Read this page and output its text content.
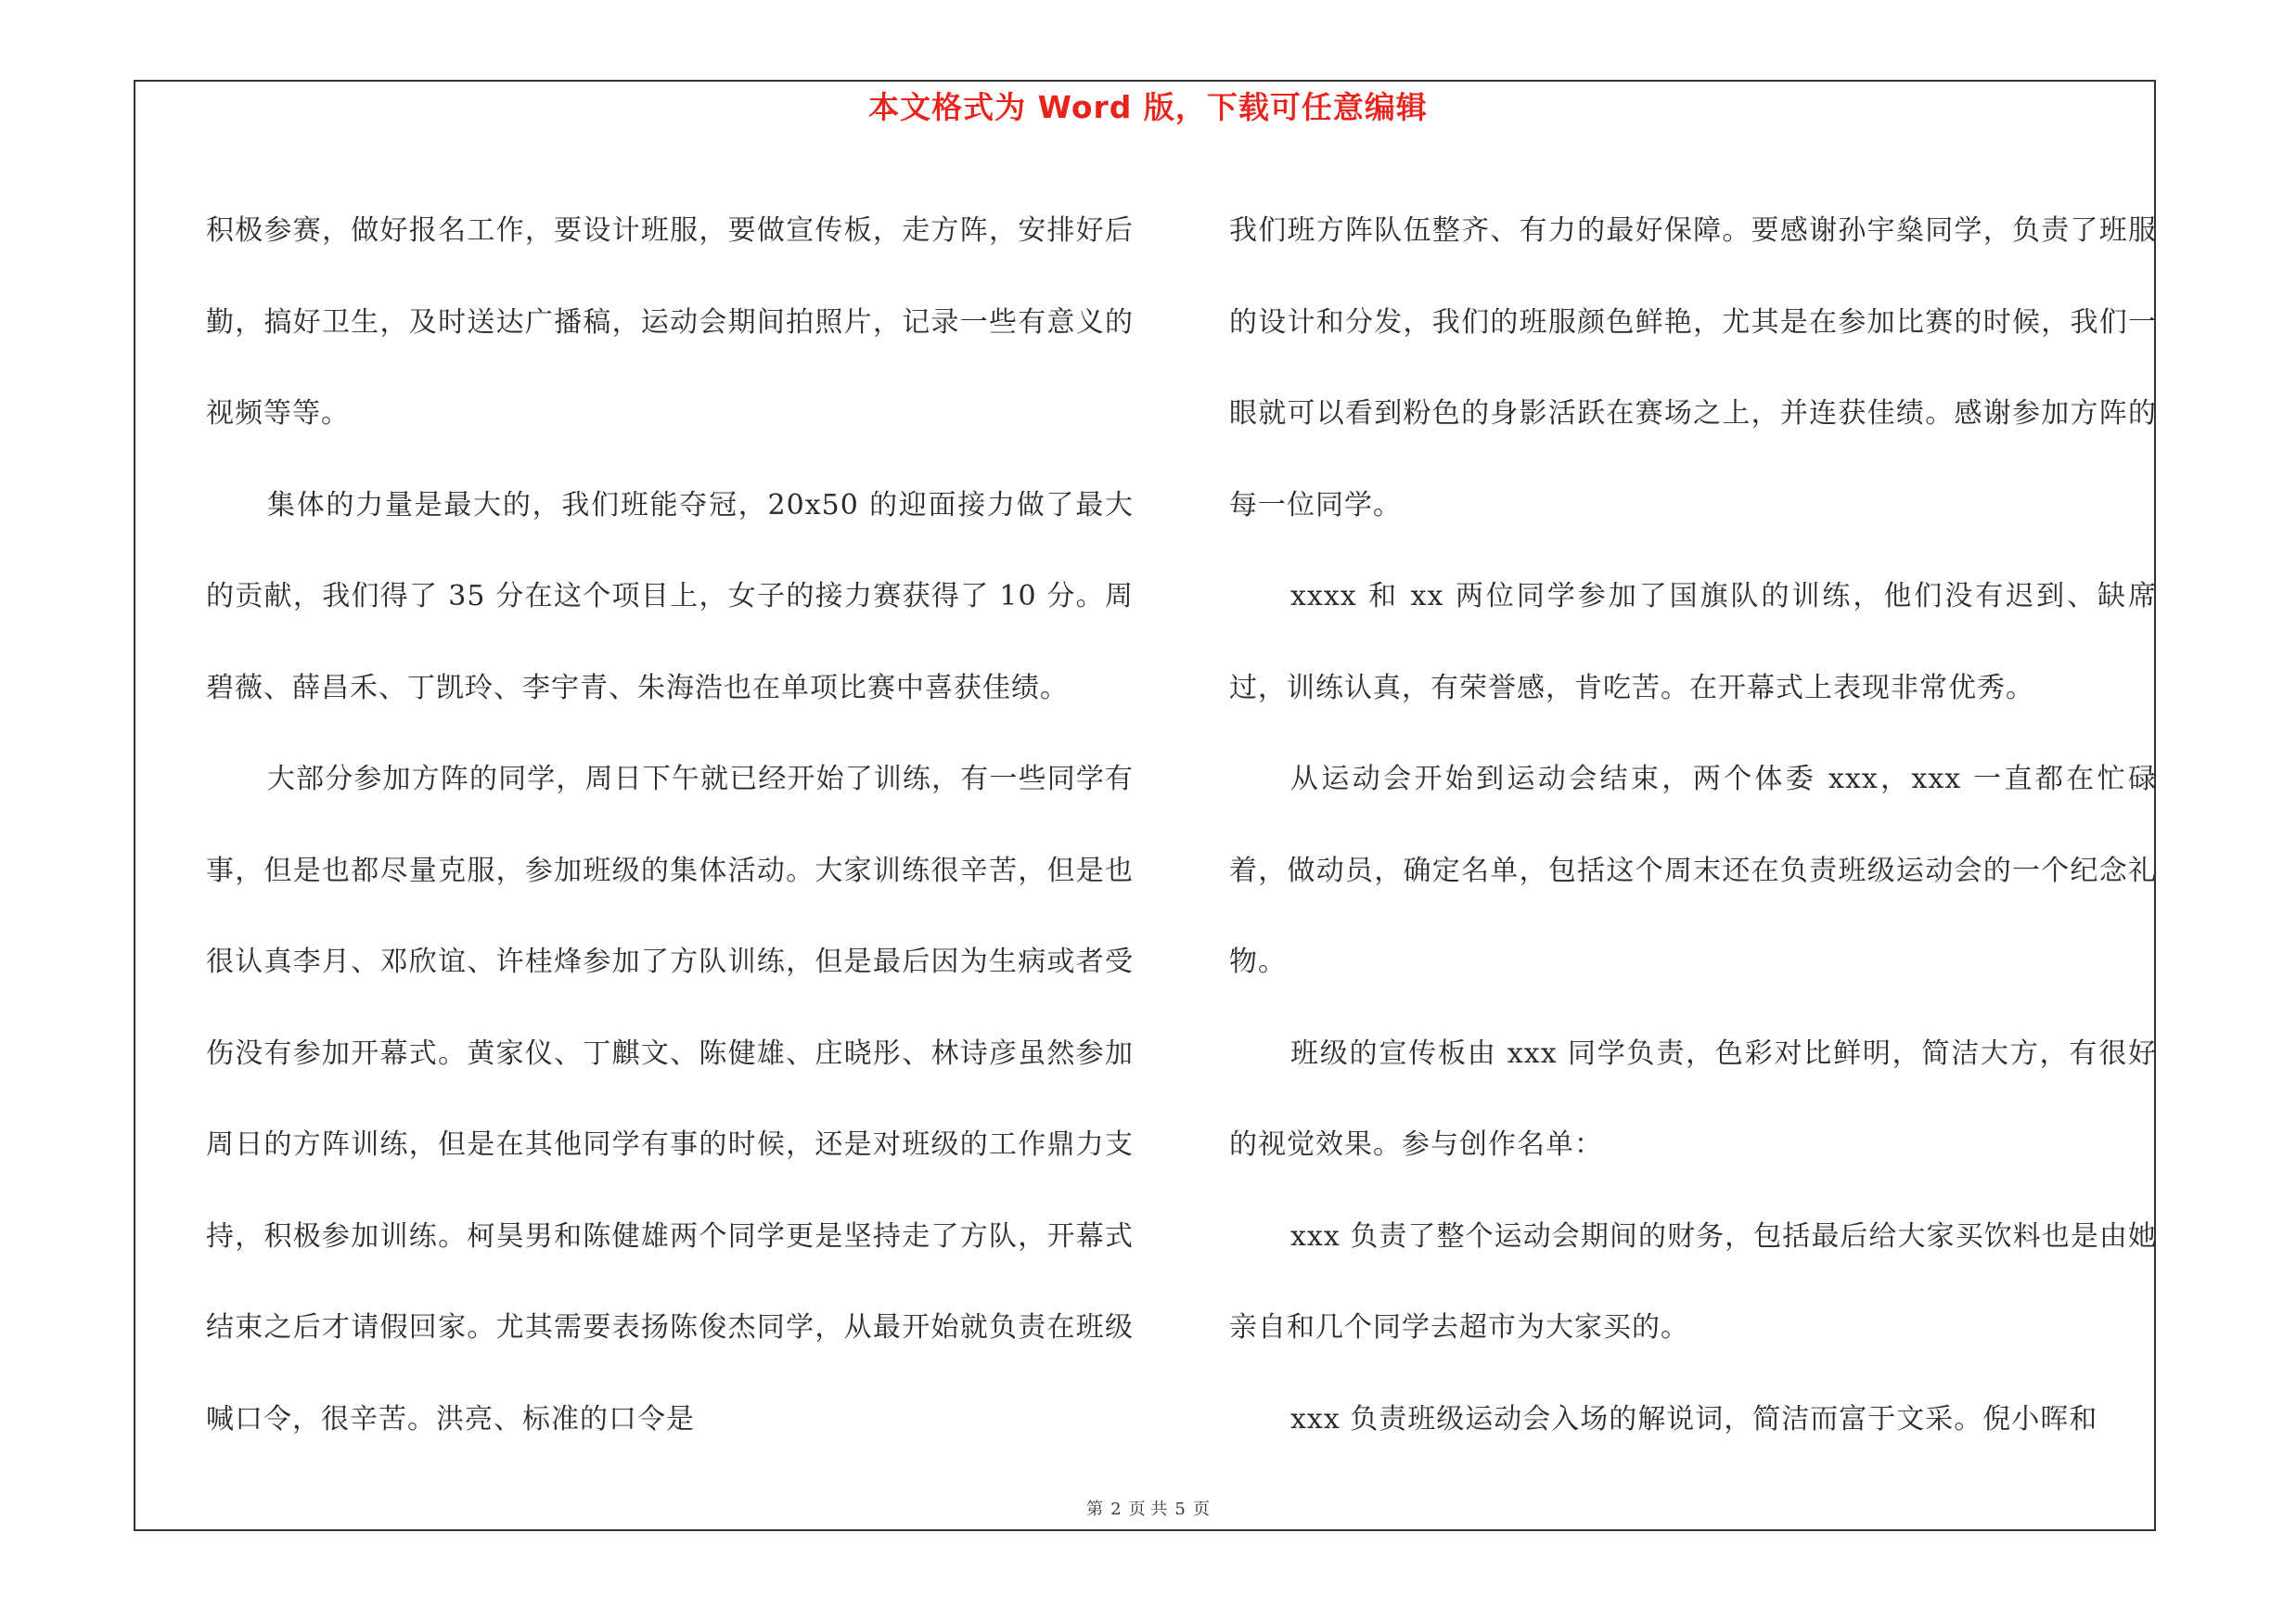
本文格式为 Word 版，下载可任意编辑

积极参赛，做好报名工作，要设计班服，要做宣传板，走方阵，安排好后勤，搞好卫生，及时送达广播稿，运动会期间拍照片，记录一些有意义的视频等等。

集体的力量是最大的，我们班能夺冠，20x50 的迎面接力做了最大的贡献，我们得了 35 分在这个项目上，女子的接力赛获得了 10 分。周碧薇、薛昌禾、丁凯玲、李宇青、朱海浩也在单项比赛中喜获佳绩。

大部分参加方阵的同学，周日下午就已经开始了训练，有一些同学有事，但是也都尽量克服，参加班级的集体活动。大家训练很辛苦，但是也很认真李月、邓欣谊、许桂烽参加了方队训练，但是最后因为生病或者受伤没有参加开幕式。黄家仪、丁麒文、陈健雄、庄晓彤、林诗彦虽然参加周日的方阵训练，但是在其他同学有事的时候，还是对班级的工作鼎力支持，积极参加训练。柯昊男和陈健雄两个同学更是坚持走了方队，开幕式结束之后才请假回家。尤其需要表扬陈俊杰同学，从最开始就负责在班级喊口令，很辛苦。洪亮、标准的口令是

我们班方阵队伍整齐、有力的最好保障。要感谢孙宇燊同学，负责了班服的设计和分发，我们的班服颜色鲜艳，尤其是在参加比赛的时候，我们一眼就可以看到粉色的身影活跃在赛场之上，并连获佳绩。感谢参加方阵的每一位同学。

xxxx 和 xx 两位同学参加了国旗队的训练，他们没有迟到、缺席过，训练认真，有荣誉感，肯吃苦。在开幕式上表现非常优秀。

从运动会开始到运动会结束，两个体委 xxx，xxx 一直都在忙碌着，做动员，确定名单，包括这个周末还在负责班级运动会的一个纪念礼物。

班级的宣传板由 xxx 同学负责，色彩对比鲜明，简洁大方，有很好的视觉效果。参与创作名单：

xxx 负责了整个运动会期间的财务，包括最后给大家买饮料也是由她亲自和几个同学去超市为大家买的。

xxx 负责班级运动会入场的解说词，简洁而富于文采。倪小晖和

第 2 页 共 5 页
